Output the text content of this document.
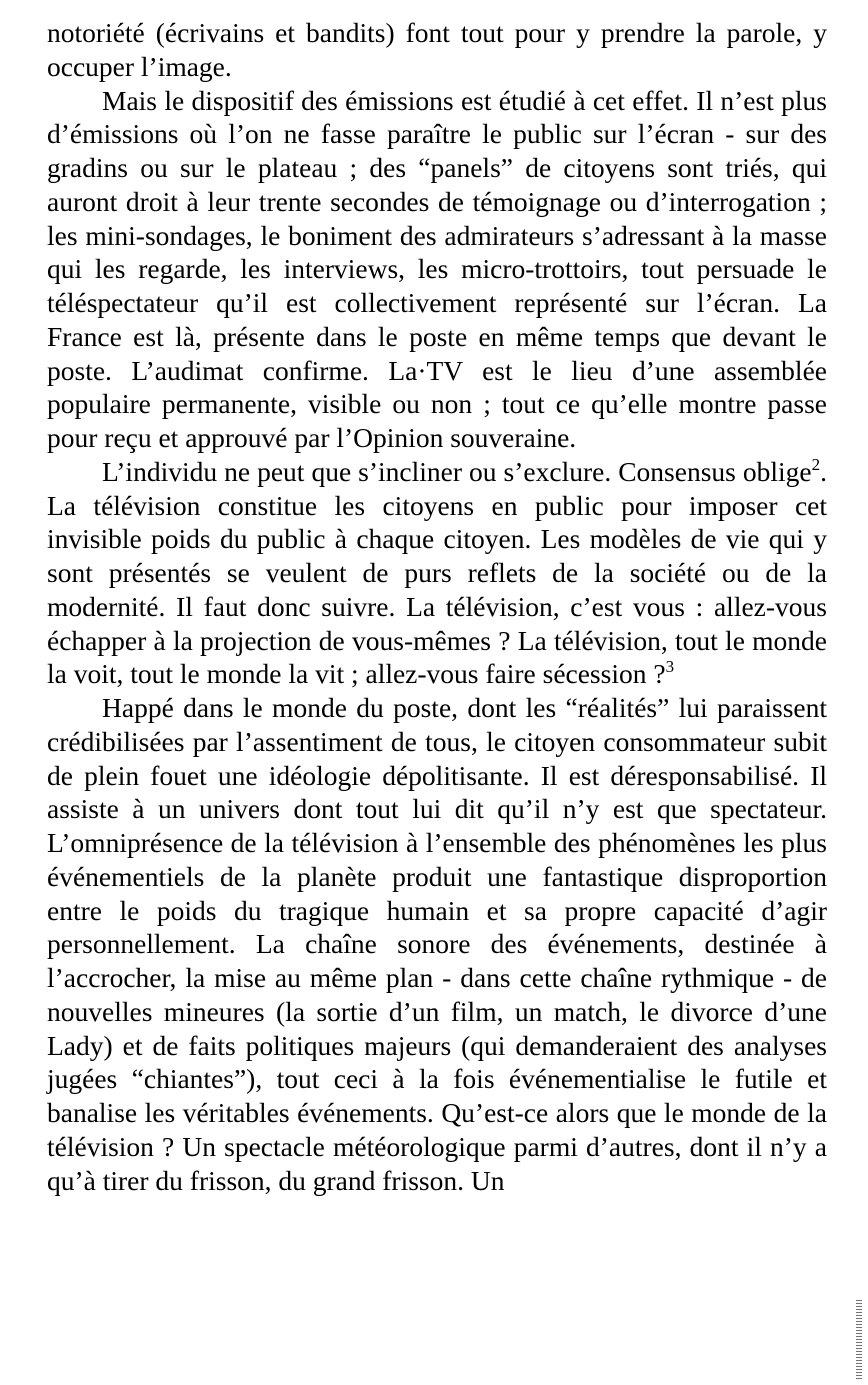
notoriété (écrivains et bandits) font tout pour y prendre la parole, y occuper l’image.

Mais le dispositif des émissions est étudié à cet effet. Il n’est plus d’émissions où l’on ne fasse paraître le public sur l’écran - sur des gradins ou sur le plateau ; des “panels” de citoyens sont triés, qui auront droit à leur trente secondes de témoignage ou d’interrogation ; les mini-sondages, le boniment des admirateurs s’adressant à la masse qui les regarde, les interviews, les micro-trottoirs, tout persuade le téléspectateur qu’il est collectivement représenté sur l’écran. La France est là, présente dans le poste en même temps que devant le poste. L’audimat confirme. La·TV est le lieu d’une assemblée populaire permanente, visible ou non ; tout ce qu’elle montre passe pour reçu et approuvé par l’Opinion souveraine.

L’individu ne peut que s’incliner ou s’exclure. Consensus oblige$^2$. La télévision constitue les citoyens en public pour imposer cet invisible poids du public à chaque citoyen. Les modèles de vie qui y sont présentés se veulent de purs reflets de la société ou de la modernité. Il faut donc suivre. La télévision, c’est vous : allez-vous échapper à la projection de vous-mêmes ? La télévision, tout le monde la voit, tout le monde la vit ; allez-vous faire sécession ?$^3$

Happé dans le monde du poste, dont les “réalités” lui paraissent crédibilisées par l’assentiment de tous, le citoyen consommateur subit de plein fouet une idéologie dépolitisante. Il est déresponsabilisé. Il assiste à un univers dont tout lui dit qu’il n’y est que spectateur. L’omniprésence de la télévision à l’ensemble des phénomènes les plus événementiels de la planète produit une fantastique disproportion entre le poids du tragique humain et sa propre capacité d’agir personnellement. La chaîne sonore des événements, destinée à l’accrocher, la mise au même plan - dans cette chaîne rythmique - de nouvelles mineures (la sortie d’un film, un match, le divorce d’une Lady) et de faits politiques majeurs (qui demanderaient des analyses jugées “chiantes”), tout ceci à la fois événementialise le futile et banalise les véritables événements. Qu’est-ce alors que le monde de la télévision ? Un spectacle météorologique parmi d’autres, dont il n’y a qu’à tirer du frisson, du grand frisson. Un
